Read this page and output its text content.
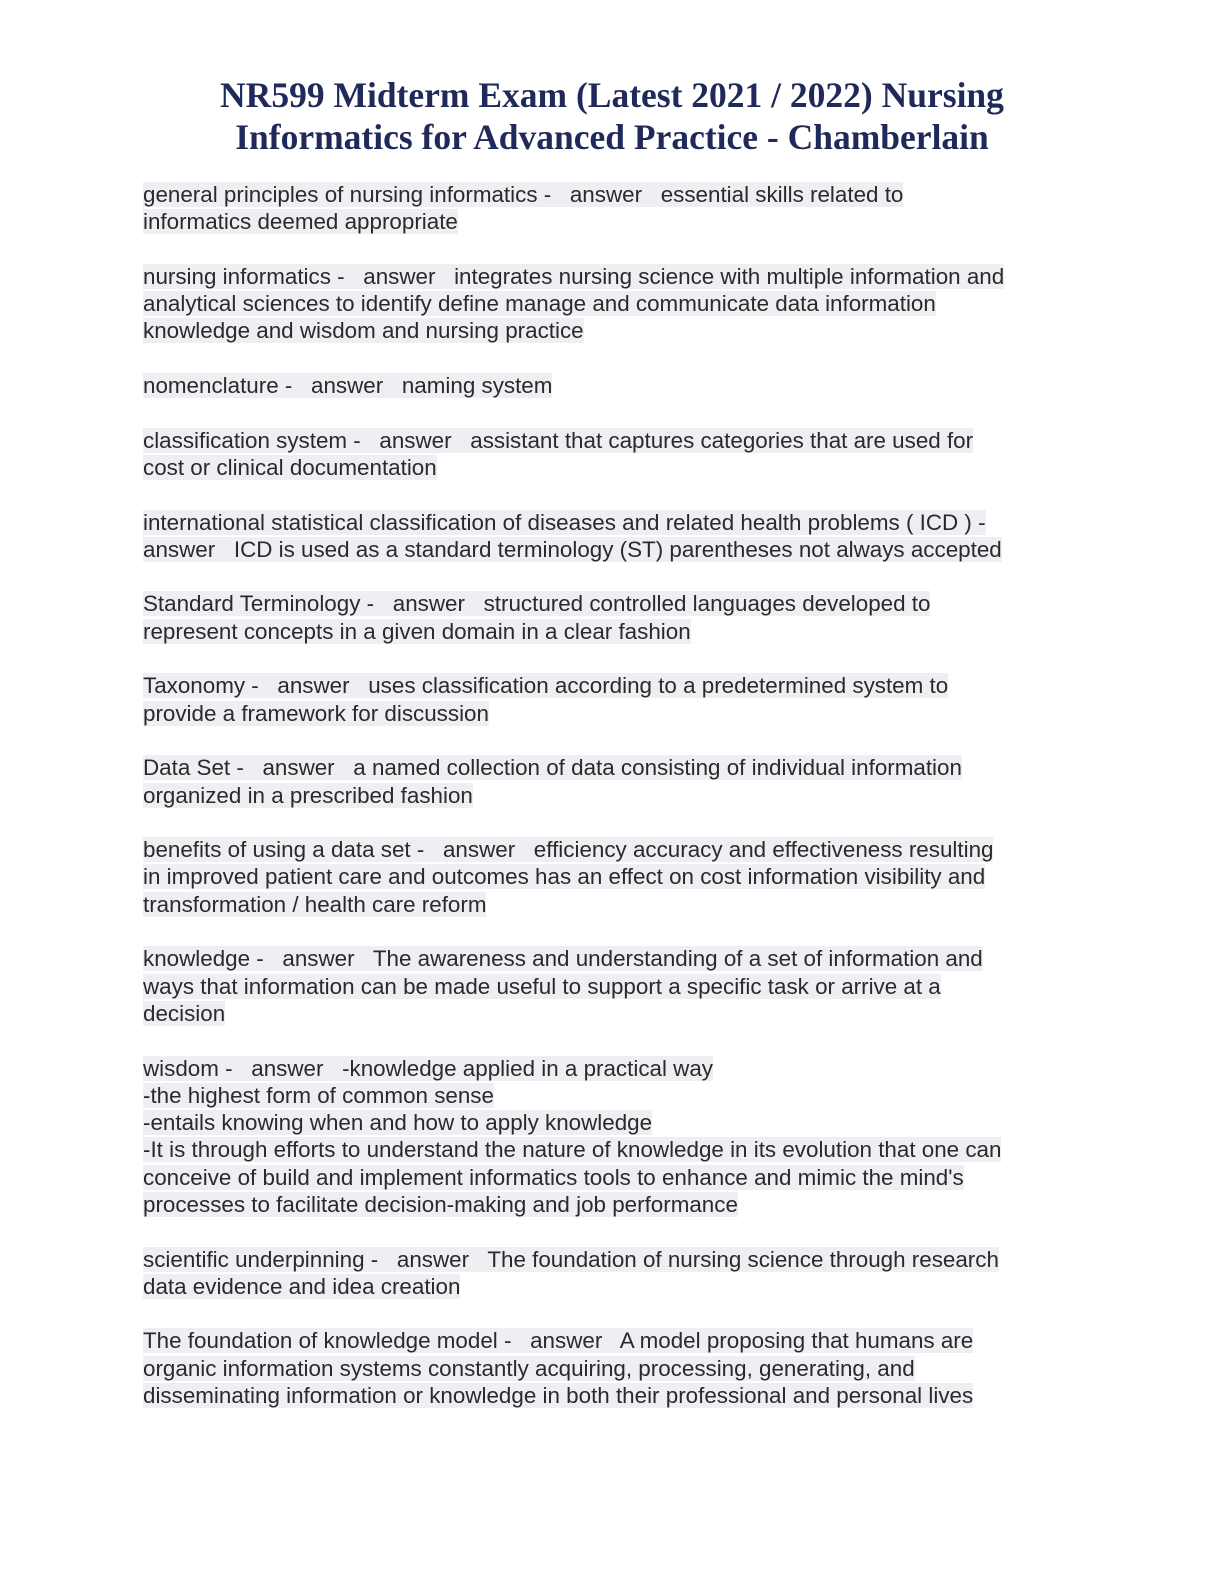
NR599 Midterm Exam (Latest 2021 / 2022) Nursing
Informatics for Advanced Practice - Chamberlain
general principles of nursing informatics -   answer   essential skills related to
informatics deemed appropriate
nursing informatics -   answer   integrates nursing science with multiple information and
analytical sciences to identify define manage and communicate data information
knowledge and wisdom and nursing practice
nomenclature -   answer   naming system
classification system -   answer   assistant that captures categories that are used for
cost or clinical documentation
international statistical classification of diseases and related health problems ( ICD ) -
answer   ICD is used as a standard terminology (ST) parentheses not always accepted
Standard Terminology -   answer   structured controlled languages developed to
represent concepts in a given domain in a clear fashion
Taxonomy -   answer   uses classification according to a predetermined system to
provide a framework for discussion
Data Set -   answer   a named collection of data consisting of individual information
organized in a prescribed fashion
benefits of using a data set -   answer   efficiency accuracy and effectiveness resulting
in improved patient care and outcomes has an effect on cost information visibility and
transformation / health care reform
knowledge -   answer   The awareness and understanding of a set of information and
ways that information can be made useful to support a specific task or arrive at a
decision
wisdom -   answer   -knowledge applied in a practical way
-the highest form of common sense
-entails knowing when and how to apply knowledge
-It is through efforts to understand the nature of knowledge in its evolution that one can
conceive of build and implement informatics tools to enhance and mimic the mind's
processes to facilitate decision-making and job performance
scientific underpinning -   answer   The foundation of nursing science through research
data evidence and idea creation
The foundation of knowledge model -   answer   A model proposing that humans are
organic information systems constantly acquiring, processing, generating, and
disseminating information or knowledge in both their professional and personal lives
